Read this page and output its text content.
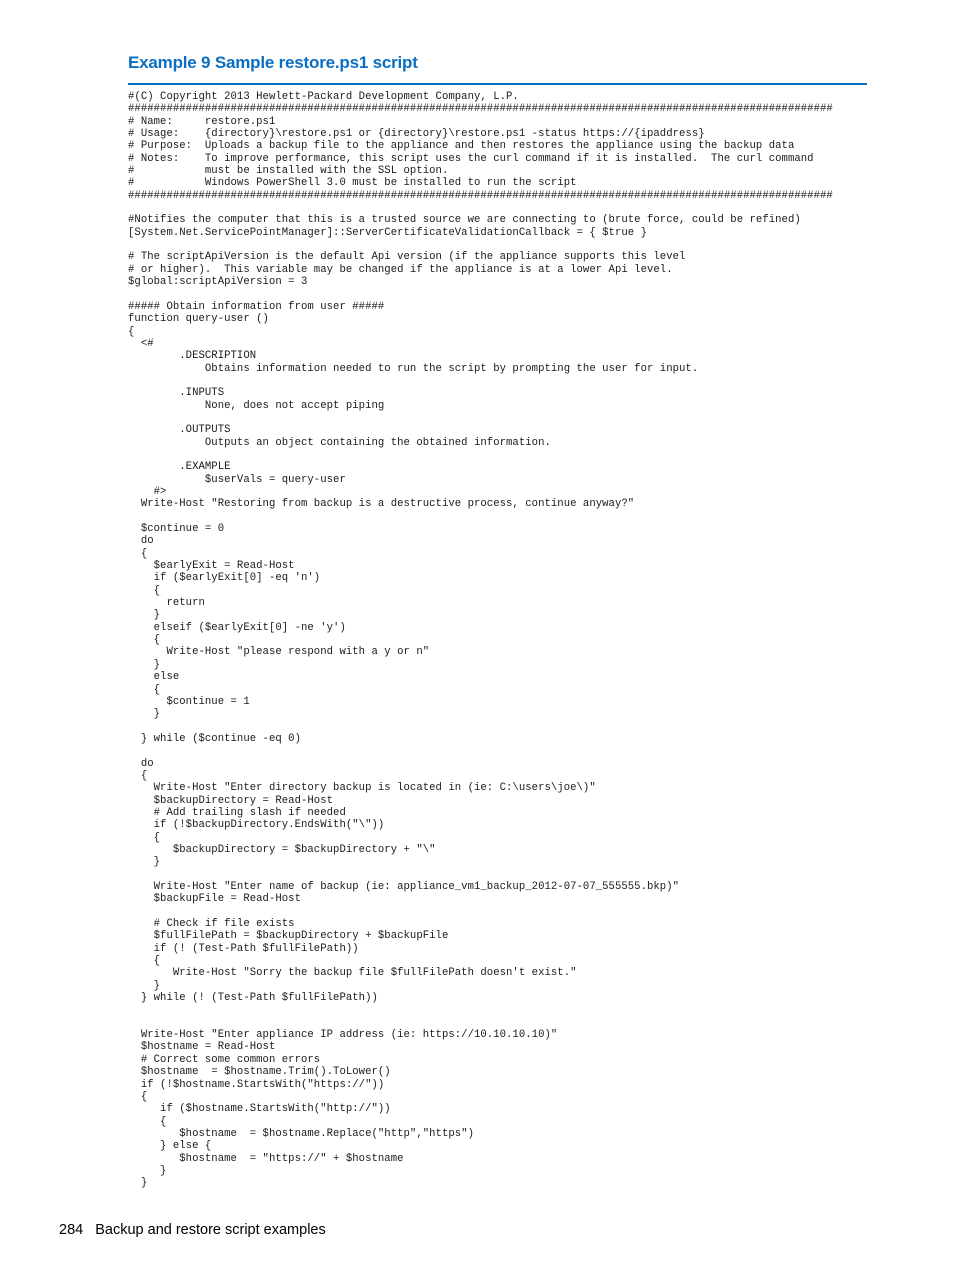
Example 9 Sample restore.ps1 script
#(C) Copyright 2013 Hewlett-Packard Development Company, L.P.
##############################################################################################################
# Name:     restore.ps1
# Usage:    {directory}\restore.ps1 or {directory}\restore.ps1 -status https://{ipaddress}
# Purpose:  Uploads a backup file to the appliance and then restores the appliance using the backup data
# Notes:    To improve performance, this script uses the curl command if it is installed.  The curl command
#           must be installed with the SSL option.
#           Windows PowerShell 3.0 must be installed to run the script
##############################################################################################################

#Notifies the computer that this is a trusted source we are connecting to (brute force, could be refined)
[System.Net.ServicePointManager]::ServerCertificateValidationCallback = { $true }

# The scriptApiVersion is the default Api version (if the appliance supports this level
# or higher).  This variable may be changed if the appliance is at a lower Api level.
$global:scriptApiVersion = 3

##### Obtain information from user #####
function query-user ()
{
<#
.DESCRIPTION
Obtains information needed to run the script by prompting the user for input.

.INPUTS
None, does not accept piping

.OUTPUTS
Outputs an object containing the obtained information.

.EXAMPLE
$userVals = query-user
#>
Write-Host "Restoring from backup is a destructive process, continue anyway?"

$continue = 0
do
{
$earlyExit = Read-Host
if ($earlyExit[0] -eq 'n')
{
return
}
elseif ($earlyExit[0] -ne 'y')
{
Write-Host "please respond with a y or n"
}
else
{
$continue = 1
}

} while ($continue -eq 0)

do
{
Write-Host "Enter directory backup is located in (ie: C:\users\joe\)"
$backupDirectory = Read-Host
# Add trailing slash if needed
if (!$backupDirectory.EndsWith("\"))
{
$backupDirectory = $backupDirectory + "\"
}

Write-Host "Enter name of backup (ie: appliance_vm1_backup_2012-07-07_555555.bkp)"
$backupFile = Read-Host

# Check if file exists
$fullFilePath = $backupDirectory + $backupFile
if (! (Test-Path $fullFilePath))
{
Write-Host "Sorry the backup file $fullFilePath doesn't exist."
}
} while (! (Test-Path $fullFilePath))

Write-Host "Enter appliance IP address (ie: https://10.10.10.10)"
$hostname = Read-Host
# Correct some common errors
$hostname  = $hostname.Trim().ToLower()
if (!$hostname.StartsWith("https://"))
{
if ($hostname.StartsWith("http://"))
{
$hostname  = $hostname.Replace("http","https")
} else {
$hostname  = "https://" + $hostname
}
}
284 Backup and restore script examples
